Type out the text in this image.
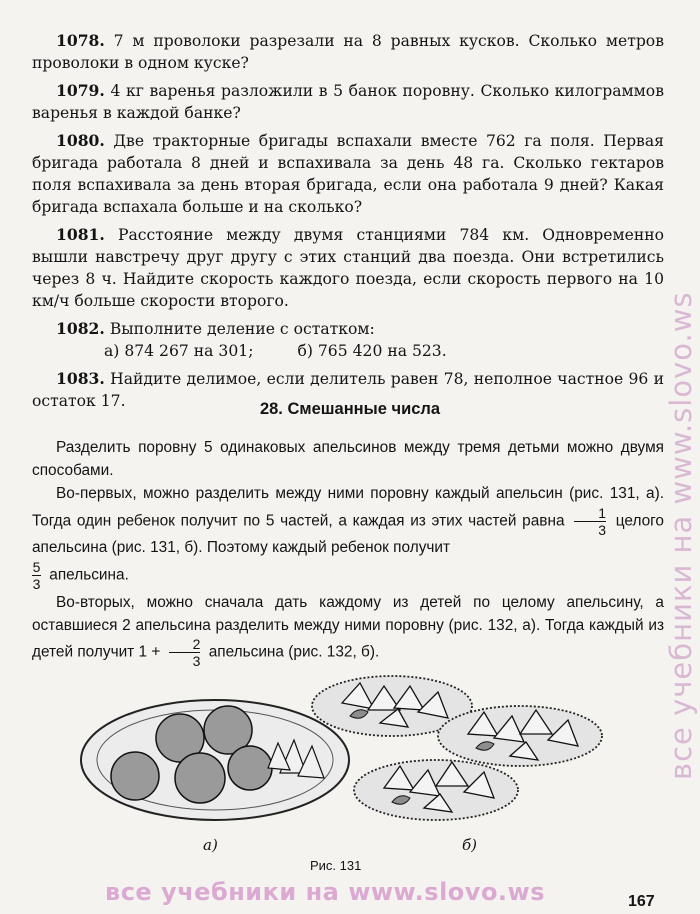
1078. 7 м проволоки разрезали на 8 равных кусков. Сколько метров проволоки в одном куске?

1079. 4 кг варенья разложили в 5 банок поровну. Сколько килограммов варенья в каждой банке?

1080. Две тракторные бригады вспахали вместе 762 га поля. Первая бригада работала 8 дней и вспахивала за день 48 га. Сколько гектаров поля вспахивала за день вторая бригада, если она работала 9 дней? Какая бригада вспахала больше и на сколько?

1081. Расстояние между двумя станциями 784 км. Одновременно вышли навстречу друг другу с этих станций два поезда. Они встретились через 8 ч. Найдите скорость каждого поезда, если скорость первого на 10 км/ч больше скорости второго.

1082. Выполните деление с остатком:

а) 874 267 на 301;	б) 765 420 на 523.

1083. Найдите делимое, если делитель равен 78, неполное частное 96 и остаток 17.	28. Смешанные числа

Разделить поровну 5 одинаковых апельсинов между тремя детьми можно двумя способами.

Во-первых, можно разделить между ними поровну каждый апельсин (рис. 131, а). Тогда один ребенок получит по 5 частей, а каждая из этих частей равна $\frac{1}{3}$ целого апельсина (рис. 131, б). Поэтому каждый ребенок получит

$\frac{5}{3}$ апельсина.

Во-вторых, можно сначала дать каждому из детей по целому апельсину, а оставшиеся 2 апельсина разделить между ними поровну (рис. 132, а). Тогда каждый из детей получит $1 + \frac{2}{3}$ апельсина (рис. 132, б).

а)	б)
Рис. 131
все учебники на www.slovo.ws
все учебники на www.slovo.ws	167
